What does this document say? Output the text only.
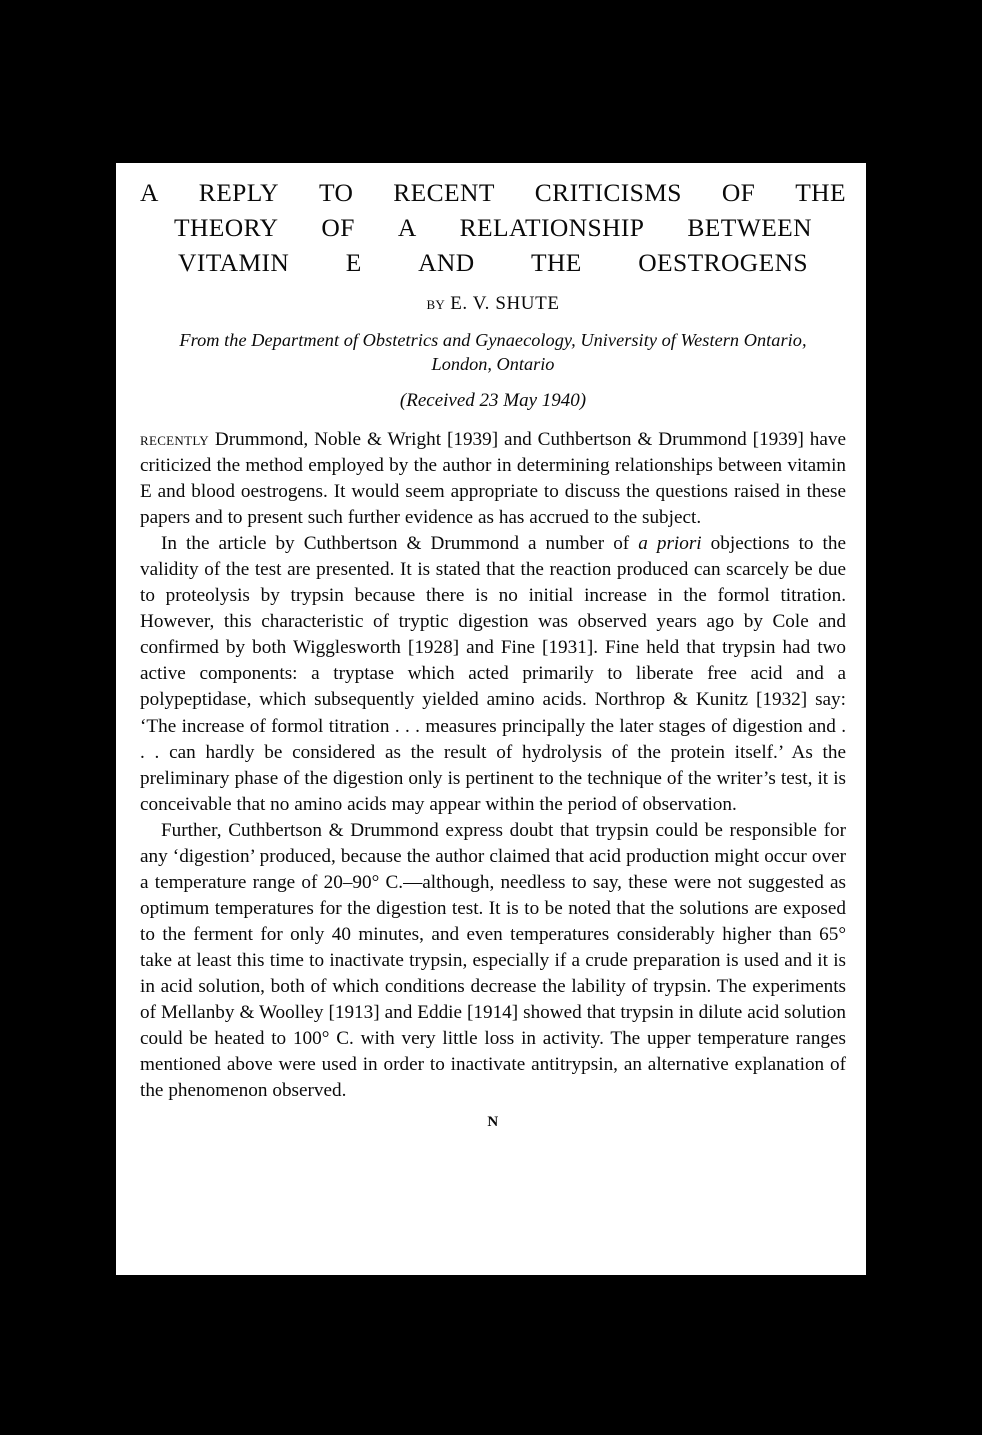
A REPLY TO RECENT CRITICISMS OF THE
THEORY OF A RELATIONSHIP BETWEEN
VITAMIN E AND THE OESTROGENS
by E. V. SHUTE
From the Department of Obstetrics and Gynaecology, University of Western Ontario,
London, Ontario
(Received 23 May 1940)

recently Drummond, Noble & Wright [1939] and Cuthbertson & Drummond [1939] have criticized the method employed by the author in determining relationships between vitamin E and blood oestrogens. It would seem appropriate to discuss the questions raised in these papers and to present such further evidence as has accrued to the subject.

In the article by Cuthbertson & Drummond a number of a priori objections to the validity of the test are presented. It is stated that the reaction produced can scarcely be due to proteolysis by trypsin because there is no initial increase in the formol titration. However, this characteristic of tryptic digestion was observed years ago by Cole and confirmed by both Wigglesworth [1928] and Fine [1931]. Fine held that trypsin had two active components: a tryptase which acted primarily to liberate free acid and a polypeptidase, which subsequently yielded amino acids. Northrop & Kunitz [1932] say: ‘The increase of formol titration . . . measures principally the later stages of digestion and . . . can hardly be considered as the result of hydrolysis of the protein itself.’ As the preliminary phase of the digestion only is pertinent to the technique of the writer’s test, it is conceivable that no amino acids may appear within the period of observation.

Further, Cuthbertson & Drummond express doubt that trypsin could be responsible for any ‘digestion’ produced, because the author claimed that acid production might occur over a temperature range of 20–90° C.—although, needless to say, these were not suggested as optimum temperatures for the digestion test. It is to be noted that the solutions are exposed to the ferment for only 40 minutes, and even temperatures considerably higher than 65° take at least this time to inactivate trypsin, especially if a crude preparation is used and it is in acid solution, both of which conditions decrease the lability of trypsin. The experiments of Mellanby & Woolley [1913] and Eddie [1914] showed that trypsin in dilute acid solution could be heated to 100° C. with very little loss in activity. The upper temperature ranges mentioned above were used in order to inactivate antitrypsin, an alternative explanation of the phenomenon observed.

N
